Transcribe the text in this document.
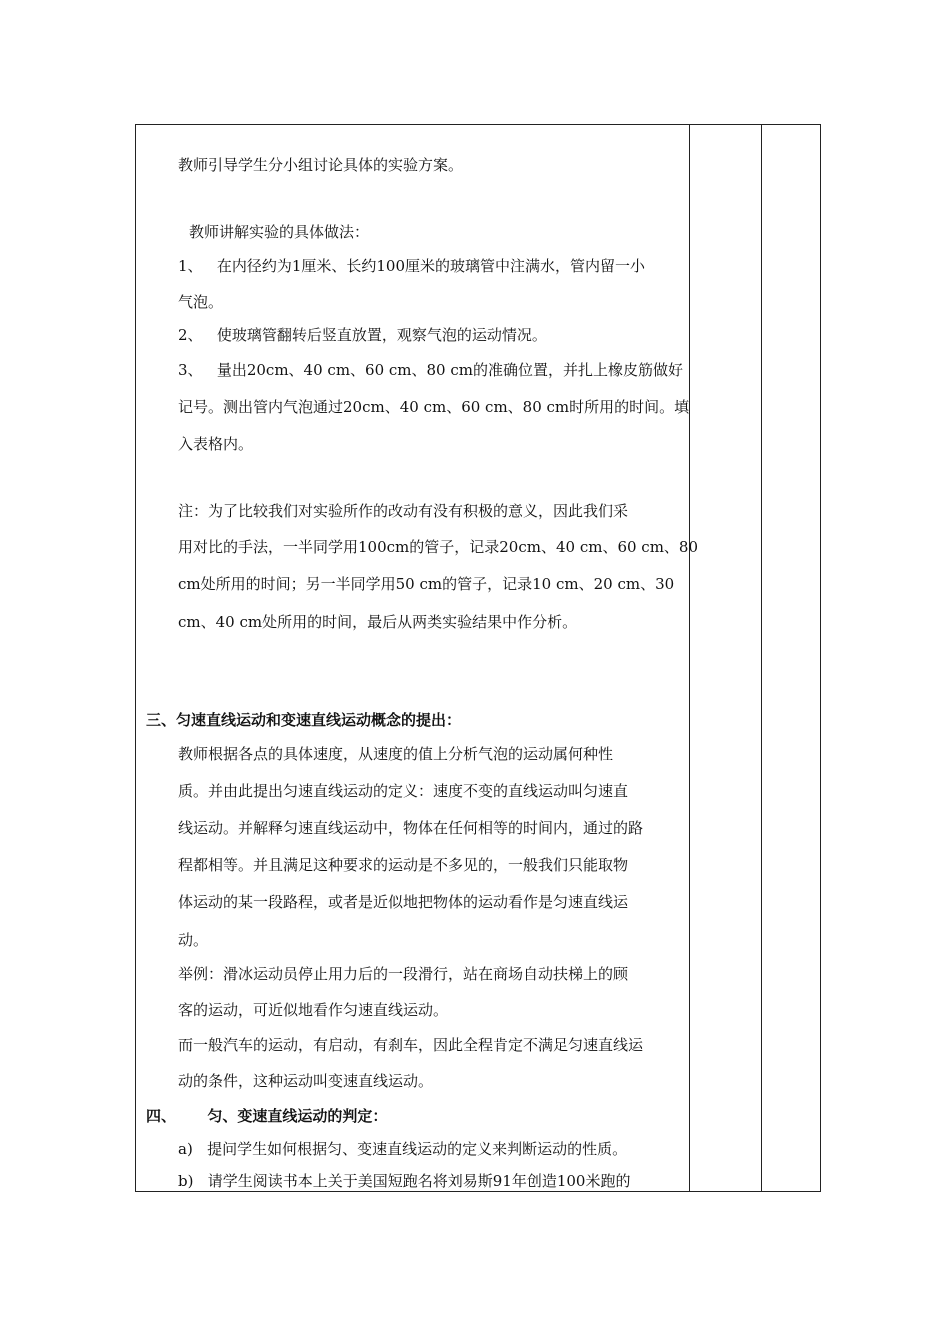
教师引导学生分小组讨论具体的实验方案。
教师讲解实验的具体做法：
1、   在内径约为1厘米、长约100厘米的玻璃管中注满水，管内留一小
气泡。
2、   使玻璃管翻转后竖直放置，观察气泡的运动情况。
3、   量出20cm、40 cm、60 cm、80 cm的准确位置，并扎上橡皮筋做好
记号。测出管内气泡通过20cm、40 cm、60 cm、80 cm时所用的时间。填
入表格内。
注：为了比较我们对实验所作的改动有没有积极的意义，因此我们采
用对比的手法，一半同学用100cm的管子，记录20cm、40 cm、60 cm、80
cm处所用的时间；另一半同学用50 cm的管子，记录10 cm、20 cm、30
cm、40 cm处所用的时间，最后从两类实验结果中作分析。
三、匀速直线运动和变速直线运动概念的提出：
教师根据各点的具体速度，从速度的值上分析气泡的运动属何种性
质。并由此提出匀速直线运动的定义：速度不变的直线运动叫匀速直
线运动。并解释匀速直线运动中，物体在任何相等的时间内，通过的路
程都相等。并且满足这种要求的运动是不多见的，一般我们只能取物
体运动的某一段路程，或者是近似地把物体的运动看作是匀速直线运
动。
举例：滑冰运动员停止用力后的一段滑行，站在商场自动扶梯上的顾
客的运动，可近似地看作匀速直线运动。
而一般汽车的运动，有启动，有刹车，因此全程肯定不满足匀速直线运
动的条件，这种运动叫变速直线运动。
四、      匀、变速直线运动的判定：
a)   提问学生如何根据匀、变速直线运动的定义来判断运动的性质。
b)   请学生阅读书本上关于美国短跑名将刘易斯91年创造100米跑的
